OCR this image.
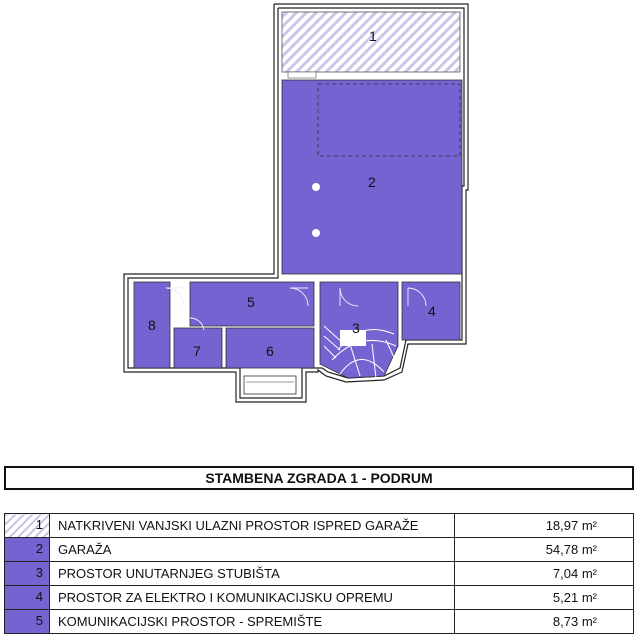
1
2
3
4
5
6
7
8
STAMBENA ZGRADA 1 - PODRUM
1	NATKRIVENI VANJSKI ULAZNI PROSTOR ISPRED GARAŽE	18,97 m²

2	GARAŽA	54,78 m²

3	PROSTOR UNUTARNJEG STUBIŠTA	7,04 m²

4	PROSTOR ZA ELEKTRO I KOMUNIKACIJSKU OPREMU	5,21 m²

5	KOMUNIKACIJSKI PROSTOR - SPREMIŠTE	8,73 m²
